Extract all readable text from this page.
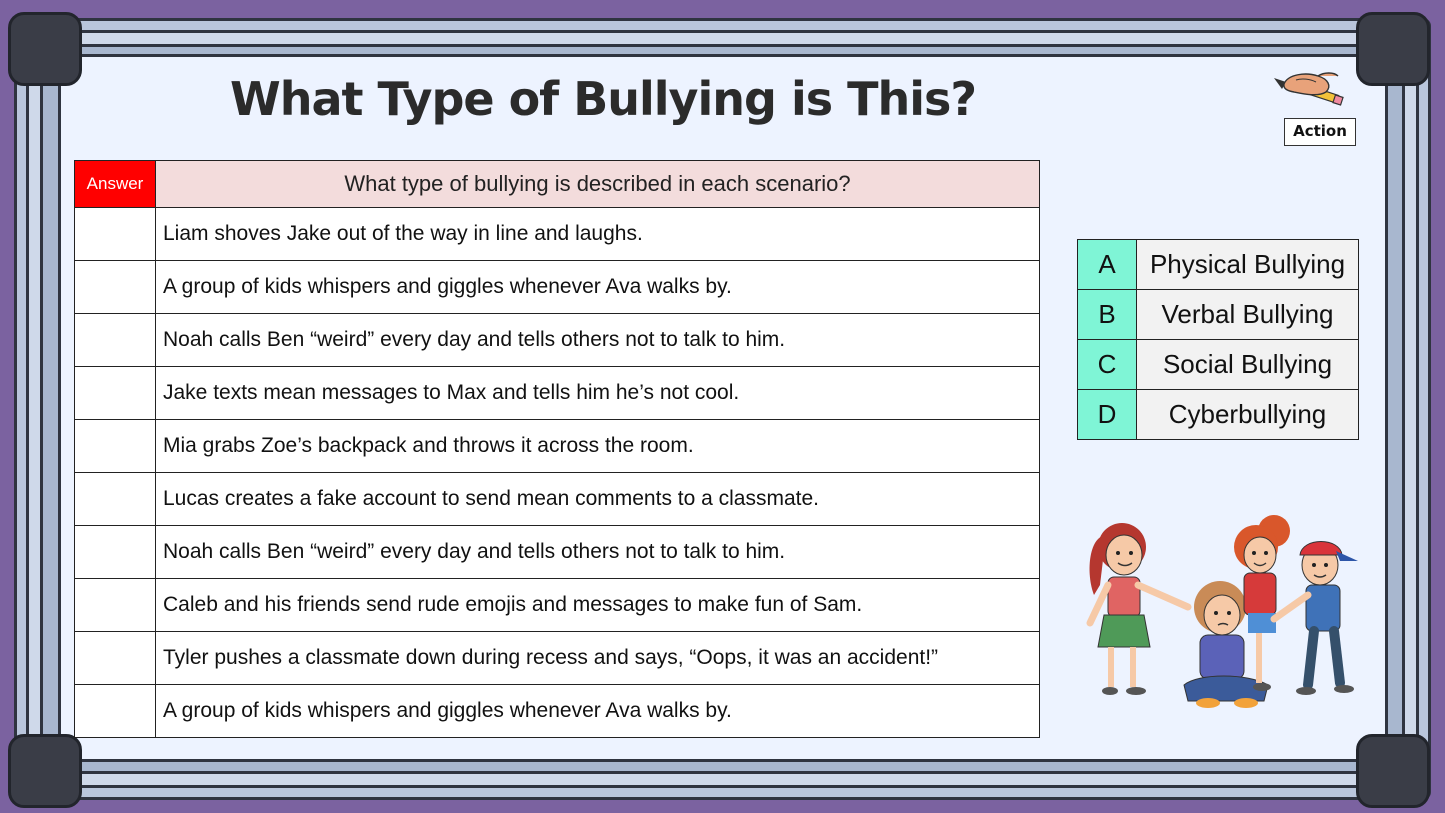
What Type of Bullying is This?
Action
Answer	What type of bullying is described in each scenario?
	Liam shoves Jake out of the way in line and laughs.
	A group of kids whispers and giggles whenever Ava walks by.
	Noah calls Ben “weird” every day and tells others not to talk to him.
	Jake texts mean messages to Max and tells him he’s not cool.
	Mia grabs Zoe’s backpack and throws it across the room.
	Lucas creates a fake account to send mean comments to a classmate.
	Noah calls Ben “weird” every day and tells others not to talk to him.
	Caleb and his friends send rude emojis and messages to make fun of Sam.
	Tyler pushes a classmate down during recess and says, “Oops, it was an accident!”
	A group of kids whispers and giggles whenever Ava walks by.
A	Physical Bullying
B	Verbal Bullying
C	Social Bullying
D	Cyberbullying
